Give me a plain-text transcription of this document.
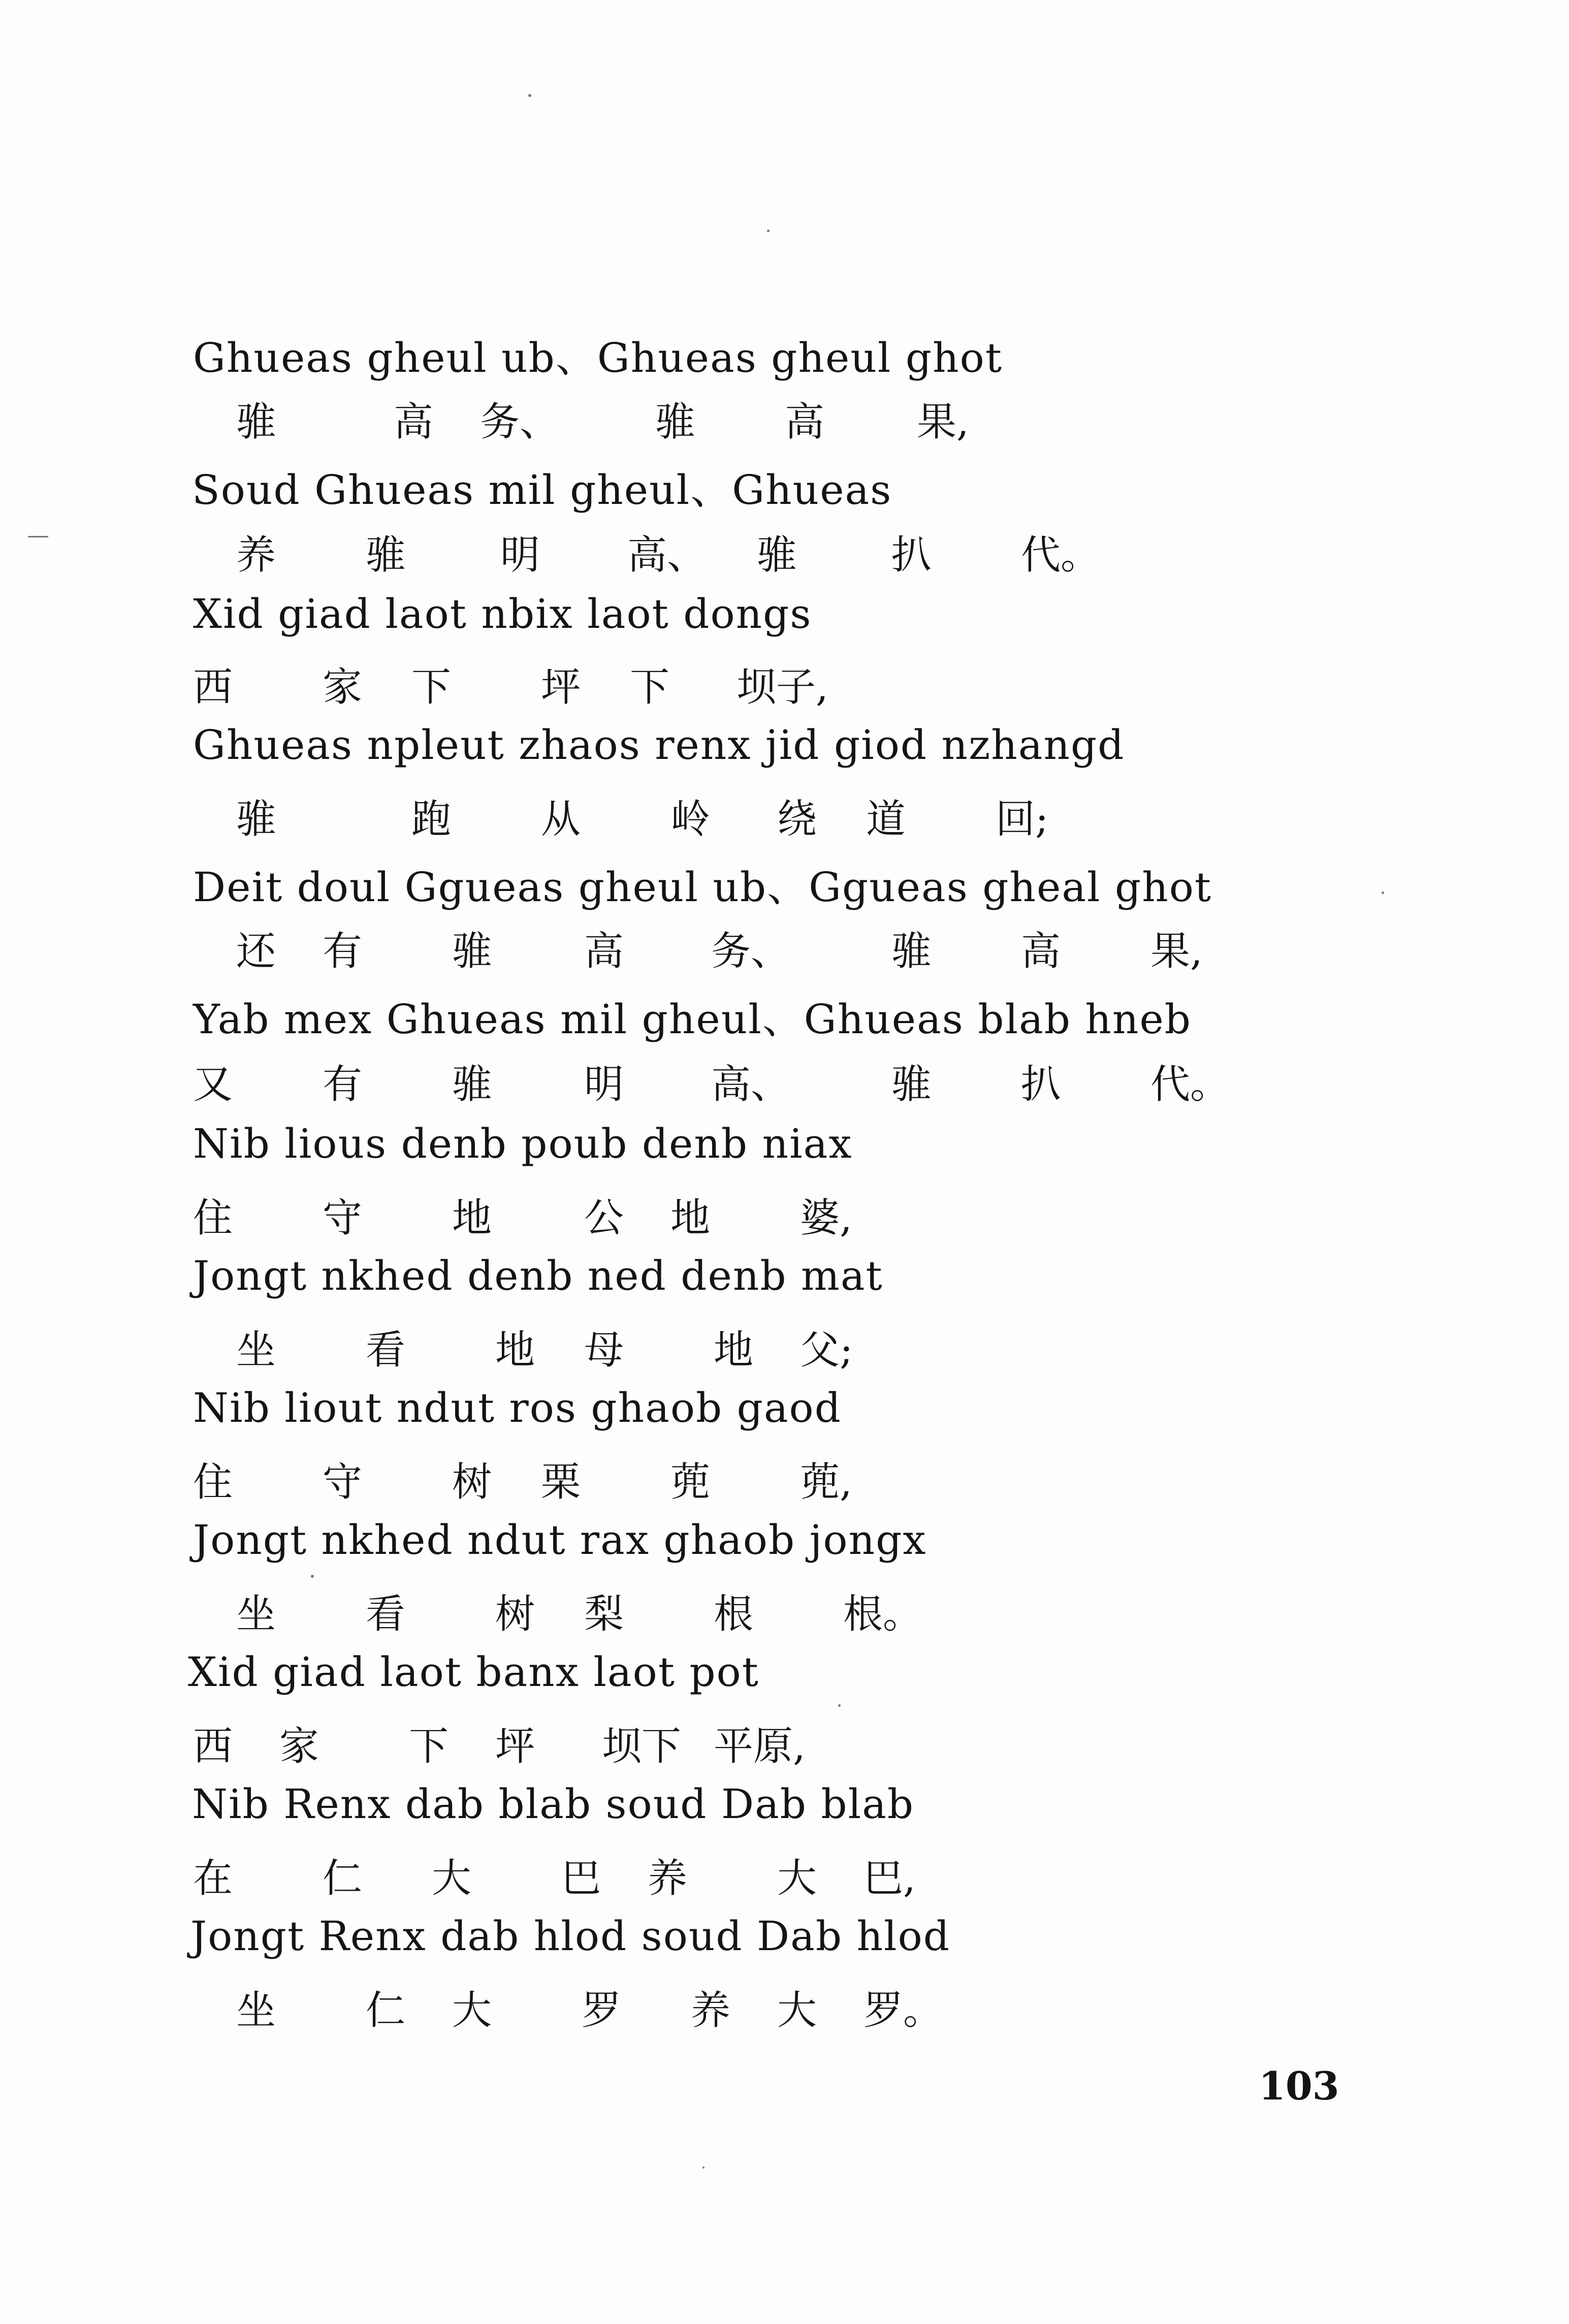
Ghueas gheul ub、Ghueas gheul ghot
骓	高 务、 骓 高 果,
Soud Ghueas mil gheul、Ghueas
养 骓 明 高、 骓 扒 代。
Xid giad laot nbix laot dongs
西 家 下 坪 下 坝子,
Ghueas npleut zhaos renx jid giod nzhangd
骓	跑 从 岭 绕 道 回;
Deit doul Ggueas gheul ub、Ggueas gheal ghot
还 有 骓 高 务、	骓 高 果,
Yab mex Ghueas mil gheul、Ghueas blab hneb
又 有 骓 明 高、	骓 扒 代。
Nib lious denb poub denb niax
住 守 地 公 地 婆,
Jongt nkhed denb ned denb mat
坐 看 地 母 地 父;
Nib liout ndut ros ghaob gaod
住 守 树 栗 蔸 蔸,
Jongt nkhed ndut rax ghaob jongx
坐 看 树 梨 根 根。
Xid giad laot banx laot pot
西 家 下 坪 坝下 平原,
Nib Renx dab blab soud Dab blab
在 仁 大 巴 养 大 巴,
Jongt Renx dab hlod soud Dab hlod
坐 仁 大 罗 养 大 罗。
103
